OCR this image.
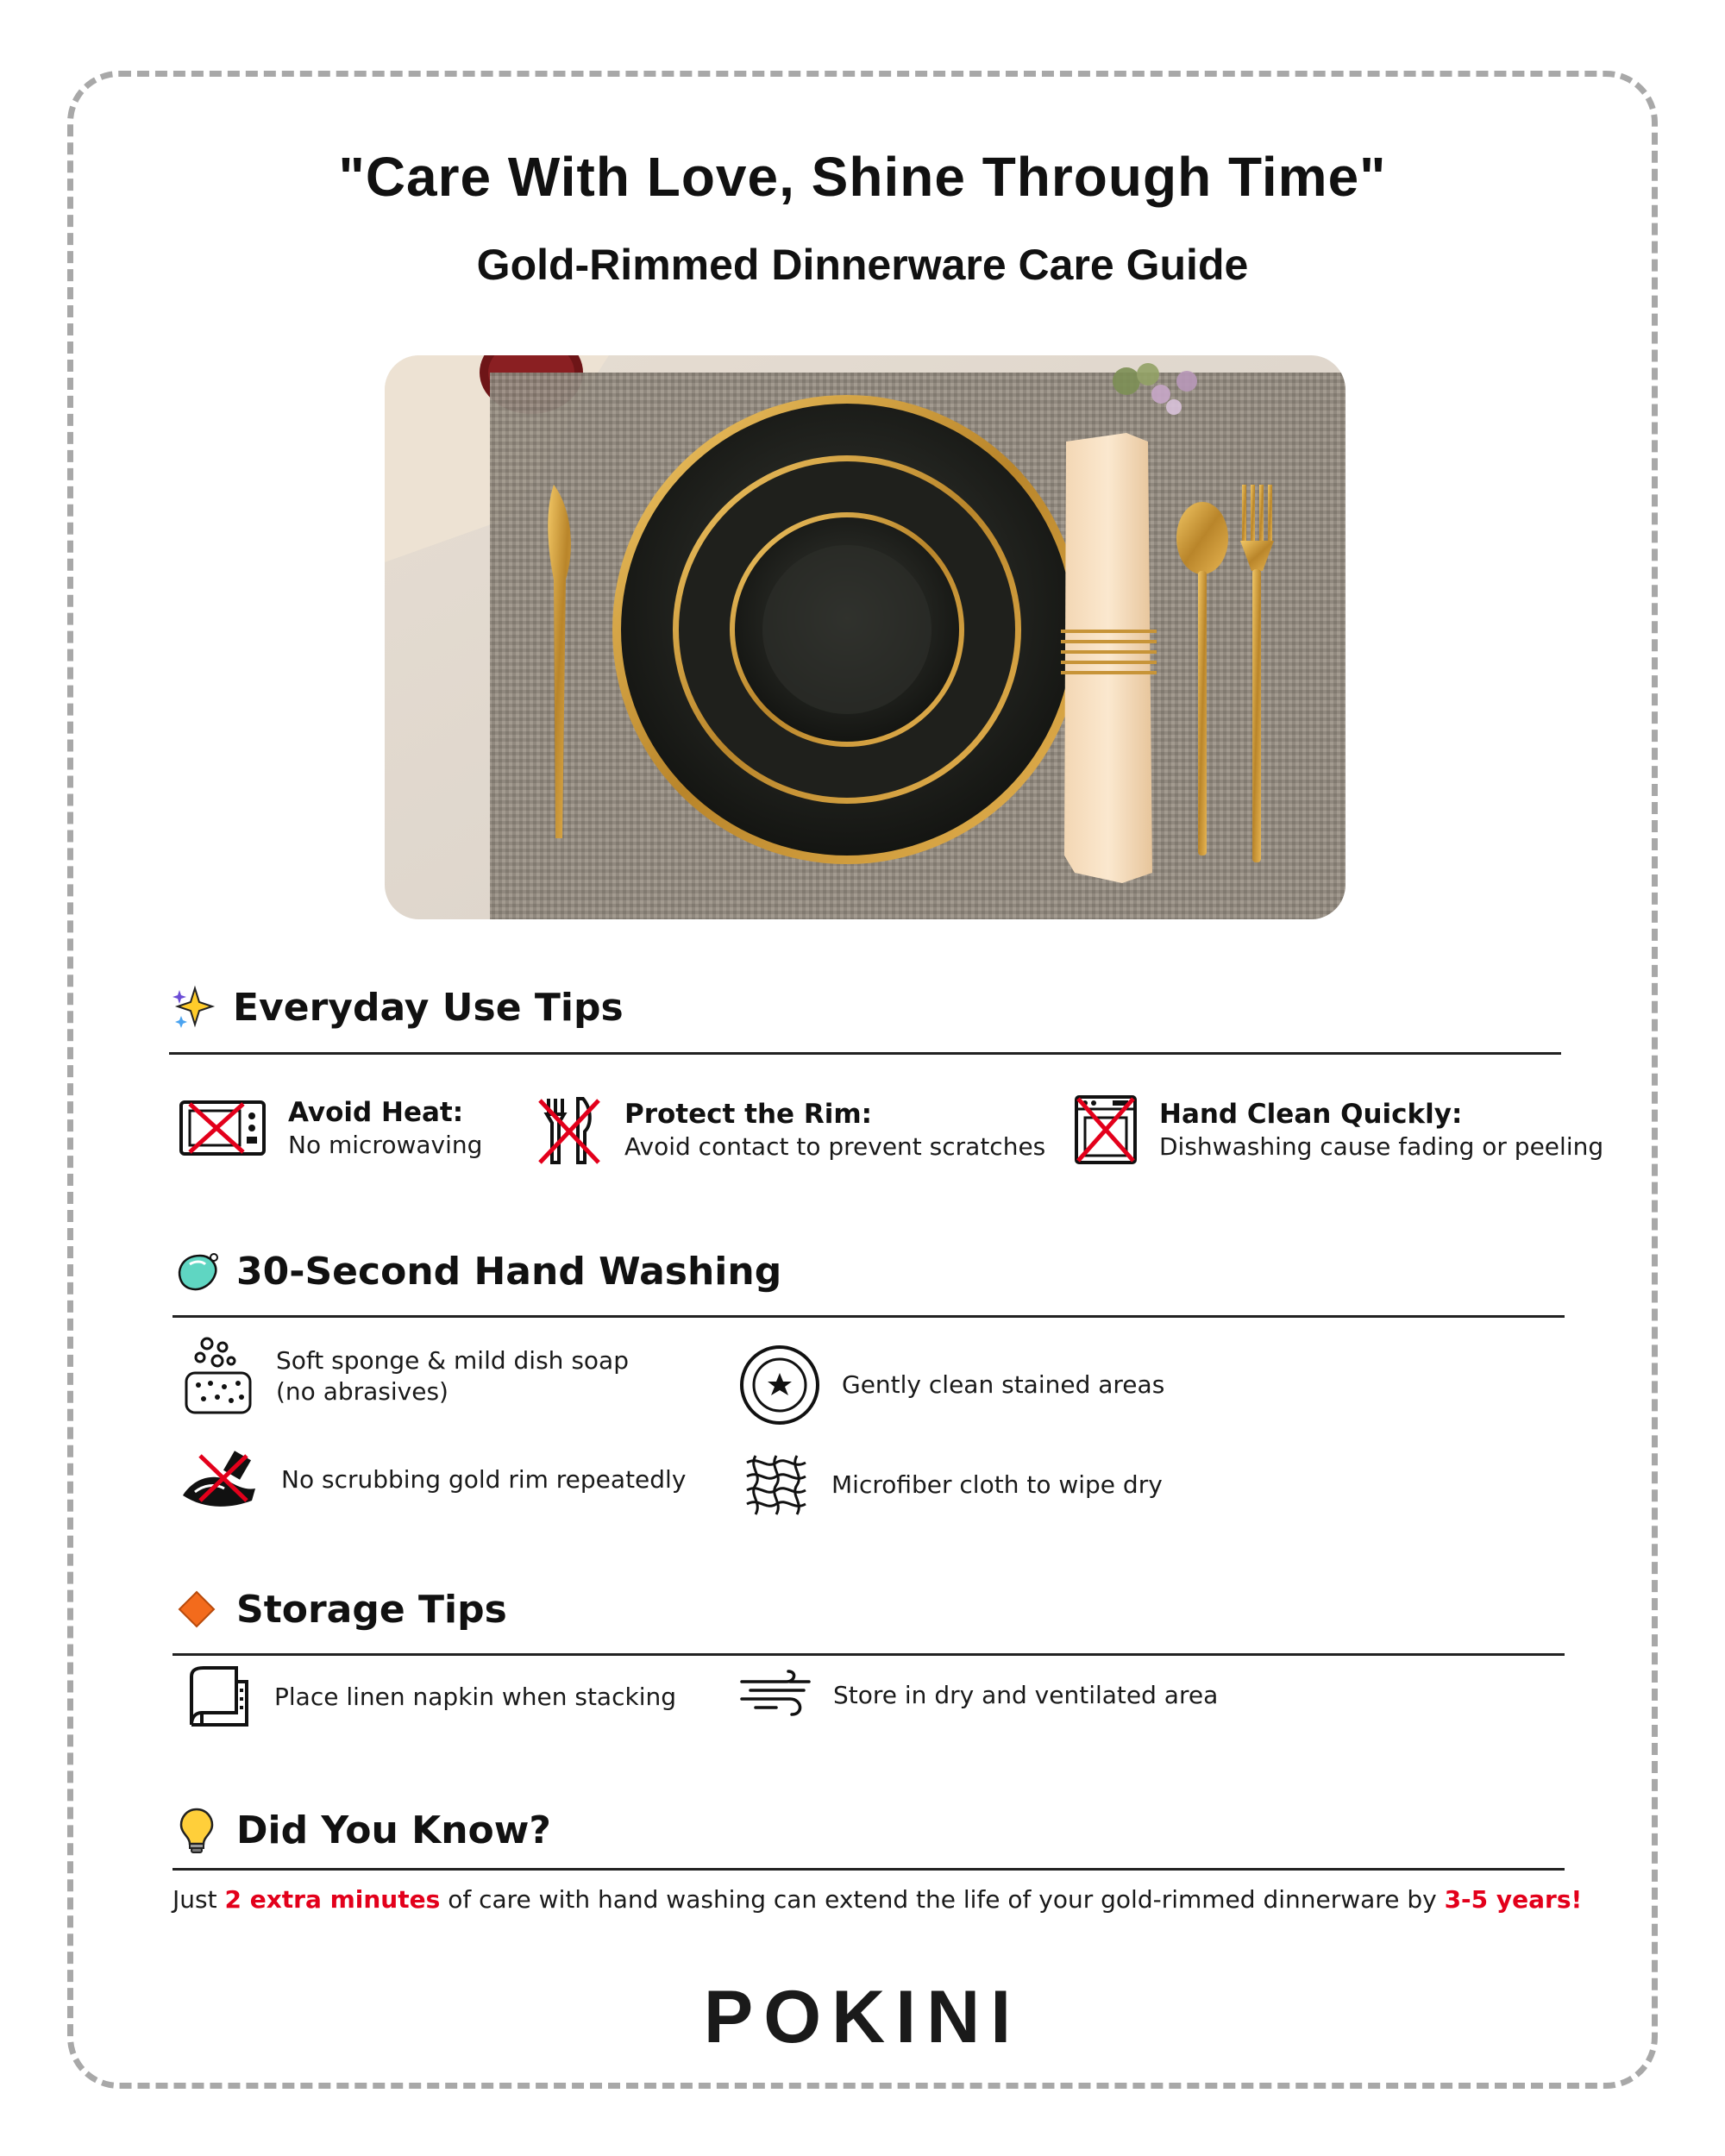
"Care With Love, Shine Through Time"
Gold-Rimmed Dinnerware Care Guide
Everyday Use Tips
Avoid Heat:
No microwaving
Protect the Rim:
Avoid contact to prevent scratches
Hand Clean Quickly:
Dishwashing cause fading or peeling
30-Second Hand Washing
Soft sponge & mild dish soap
(no abrasives)	Gently clean stained areas
No scrubbing gold rim repeatedly	Microfiber cloth to wipe dry
Storage Tips
Place linen napkin when stacking	Store in dry and ventilated area
Did You Know?
Just 2 extra minutes of care with hand washing can extend the life of your gold-rimmed dinnerware by 3-5 years!
POKINI
